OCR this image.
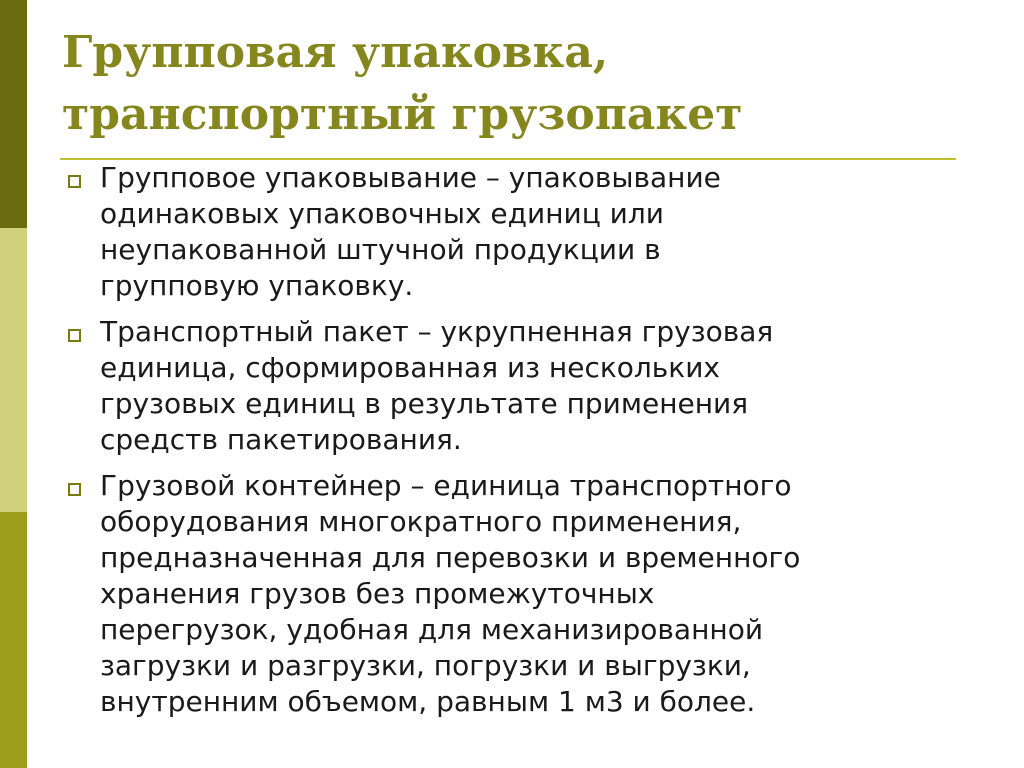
Групповая упаковка,
транспортный грузопакет
Групповое упаковывание – упаковывание
одинаковых упаковочных единиц или
неупакованной штучной продукции в
групповую упаковку.
Транспортный пакет – укрупненная грузовая
единица, сформированная из нескольких
грузовых единиц в результате применения
средств пакетирования.
Грузовой контейнер – единица транспортного
оборудования многократного применения,
предназначенная для перевозки и временного
хранения грузов без промежуточных
перегрузок, удобная для механизированной
загрузки и разгрузки, погрузки и выгрузки,
внутренним объемом, равным 1 м3 и более.
